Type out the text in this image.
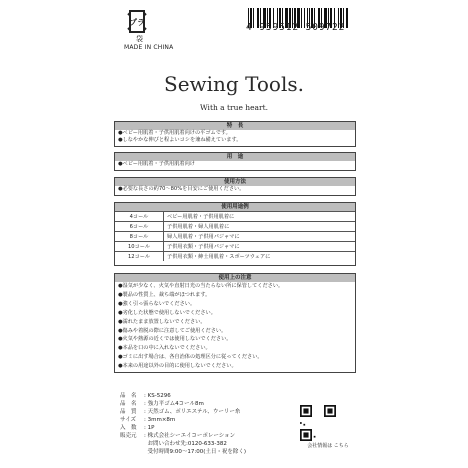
プラ
袋
MADE IN CHINA
4 959512 509722
Sewing Tools.
With a true heart.
特　長
●ベビー用肌着・子供用肌着向けの平ゴムです。
●しなやかな伸びと程よいコシを兼ね備えています。
用　途
●ベビー用肌着・子供用肌着向け
使用方法
●必要な長さの約70～80%を目安にご使用ください。
使用用途例
4コール	ベビー用肌着・子供用肌着に
6コール	子供用肌着・婦人用肌着に
8コール	婦人用肌着・子供用パジャマに
10コール	子供用衣類・子供用パジャマに
12コール	子供用衣類・紳士用肌着・スポーツウェアに
使用上の注意
●湿気が少なく、火気や直射日光の当たらない所に保管してください。
●製品の性質上、裁ち端がほつれます。
●強く引っ張らないでください。
●劣化した状態で使用しないでください。
●濡れたまま放置しないでください。
●傷みや着脱の際に注意してご使用ください。
●火気や熱源の近くでは使用しないでください。
●本品を口の中に入れないでください。
●ゴミに出す場合は、各自治体の処理区分に従ってください。
●本来の用途以外の目的に使用しないでください。
品　名 : KS-5296
品　名 : 強力平ゴム4コール8m
品　質 : 天然ゴム、ポリエステル、ウーリー糸
サイズ : 3mm×8m
入　数 : 1P
販売元 : 株式会社シーエイコーポレーション
お問い合わせ先:0120-633-382
受付時間9:00～17:00(土日・祝を除く)
会社情報は こちら
